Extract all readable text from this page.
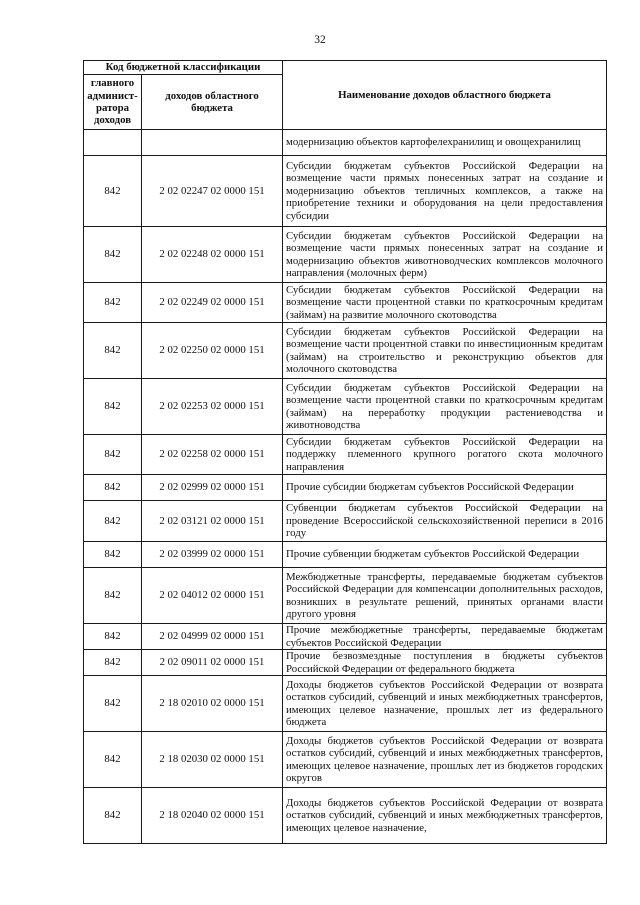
32
Код бюджетной классификации		Наименование доходов областного бюджета
главного админист-ратора доходов	доходов областного бюджета	
		модернизацию объектов картофелехранилищ и овощехранилищ
842	2 02 02247 02 0000 151	Субсидии бюджетам субъектов Российской Федерации на возмещение части прямых понесенных затрат на создание и модернизацию объектов тепличных комплексов, а также на приобретение техники и оборудования на цели предоставления субсидии
842	2 02 02248 02 0000 151	Субсидии бюджетам субъектов Российской Федерации на возмещение части прямых понесенных затрат на создание и модернизацию объектов животноводческих комплексов молочного направления (молочных ферм)
842	2 02 02249 02 0000 151	Субсидии бюджетам субъектов Российской Федерации на возмещение части процентной ставки по краткосрочным кредитам (займам) на развитие молочного скотоводства
842	2 02 02250 02 0000 151	Субсидии бюджетам субъектов Российской Федерации на возмещение части процентной ставки по инвестиционным кредитам (займам) на строительство и реконструкцию объектов для молочного скотоводства
842	2 02 02253 02 0000 151	Субсидии бюджетам субъектов Российской Федерации на возмещение части процентной ставки по краткосрочным кредитам (займам) на переработку продукции растениеводства и животноводства
842	2 02 02258 02 0000 151	Субсидии бюджетам субъектов Российской Федерации на поддержку племенного крупного рогатого скота молочного направления
842	2 02 02999 02 0000 151	Прочие субсидии бюджетам субъектов Российской Федерации
842	2 02 03121 02 0000 151	Субвенции бюджетам субъектов Российской Федерации на проведение Всероссийской сельскохозяйственной переписи в 2016 году
842	2 02 03999 02 0000 151	Прочие субвенции бюджетам субъектов Российской Федерации
842	2 02 04012 02 0000 151	Межбюджетные трансферты, передаваемые бюджетам субъектов Российской Федерации для компенсации дополнительных расходов, возникших в результате решений, принятых органами власти другого уровня
842	2 02 04999 02 0000 151	Прочие межбюджетные трансферты, передаваемые бюджетам субъектов Российской Федерации
842	2 02 09011 02 0000 151	Прочие безвозмездные поступления в бюджеты субъектов Российской Федерации от федерального бюджета
842	2 18 02010 02 0000 151	Доходы бюджетов субъектов Российской Федерации от возврата остатков субсидий, субвенций и иных межбюджетных трансфертов, имеющих целевое назначение, прошлых лет из федерального бюджета
842	2 18 02030 02 0000 151	Доходы бюджетов субъектов Российской Федерации от возврата остатков субсидий, субвенций и иных межбюджетных трансфертов, имеющих целевое назначение, прошлых лет из бюджетов городских округов
842	2 18 02040 02 0000 151	Доходы бюджетов субъектов Российской Федерации от возврата остатков субсидий, субвенций и иных межбюджетных трансфертов, имеющих целевое назначение,
